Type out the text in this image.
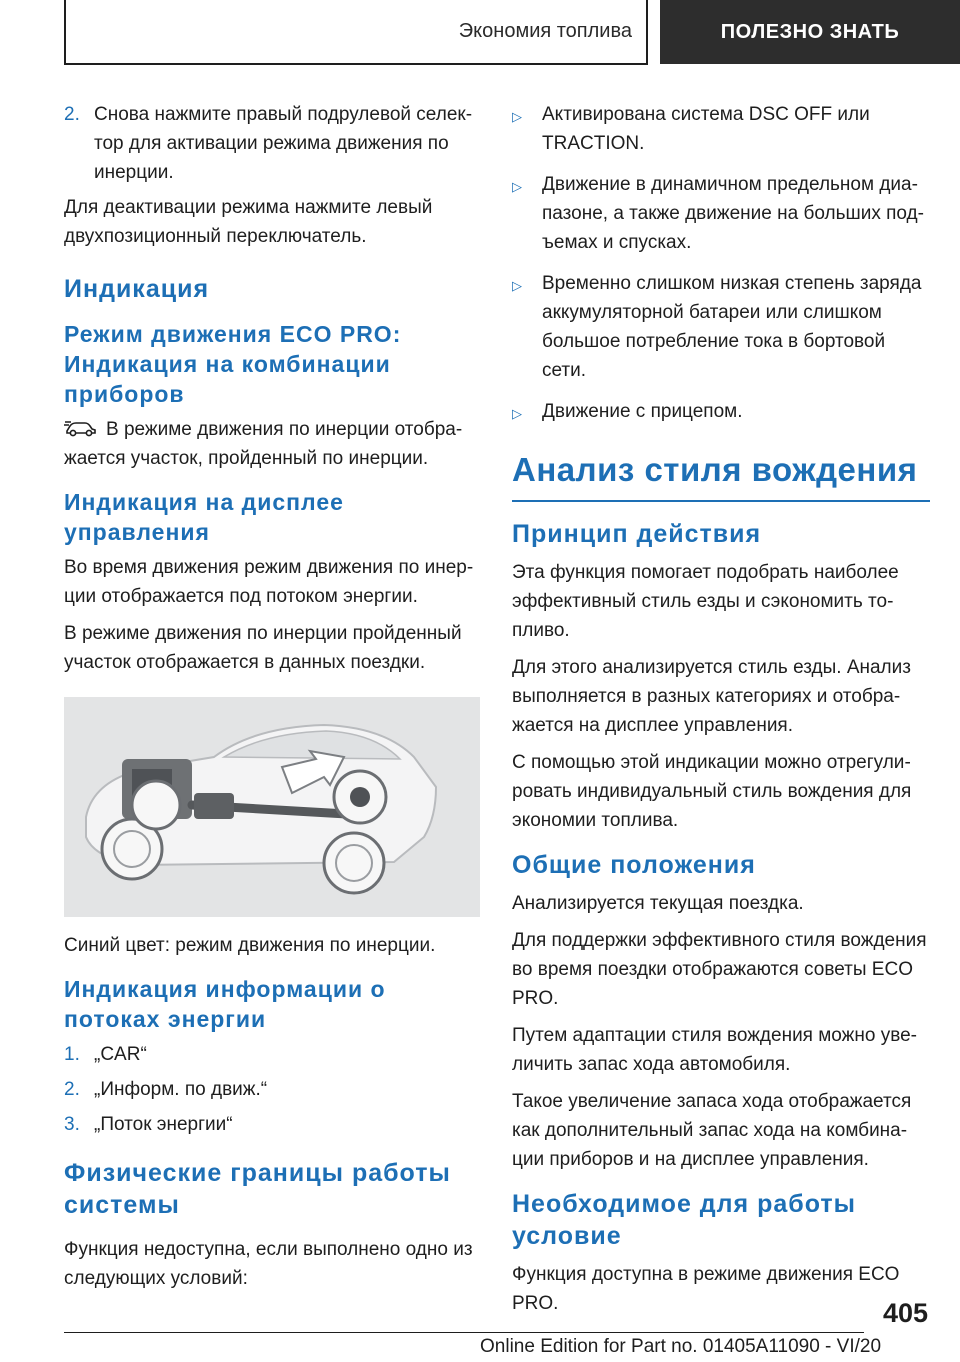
Экономия топлива	ПОЛЕЗНО ЗНАТЬ
2. Снова нажмите правый подрулевой селектор для активации режима движения по инерции.

Для деактивации режима нажмите левый двухпозиционный переключатель.

Индикация
Режим движения ECO PRO: Индикация на комбинации приборов

В режиме движения по инерции отображается участок, пройденный по инерции.

Индикация на дисплее управления

Во время движения режим движения по инерции отображается под потоком энергии.

В режиме движения по инерции пройденный участок отображается в данных поездки.

Синий цвет: режим движения по инерции.

Индикация информации о потоках энергии
1. „CAR“
2. „Информ. по движ.“
3. „Поток энергии“
Физические границы работы системы

Функция недоступна, если выполнено одно из следующих условий:

▷	Активирована система DSC OFF или TRACTION.
▷	Движение в динамичном предельном диапазоне, а также движение на больших подъемах и спусках.
▷	Временно слишком низкая степень заряда аккумуляторной батареи или слишком большое потребление тока в бортовой сети.
▷	Движение с прицепом.
Анализ стиля вождения
Принцип действия

Эта функция помогает подобрать наиболее эффективный стиль езды и сэкономить топливо.

Для этого анализируется стиль езды. Анализ выполняется в разных категориях и отображается на дисплее управления.

С помощью этой индикации можно отрегулировать индивидуальный стиль вождения для экономии топлива.

Общие положения

Анализируется текущая поездка.

Для поддержки эффективного стиля вождения во время поездки отображаются советы ECO PRO.

Путем адаптации стиля вождения можно увеличить запас хода автомобиля.

Такое увеличение запаса хода отображается как дополнительный запас хода на комбинации приборов и на дисплее управления.

Необходимое для работы условие

Функция доступна в режиме движения ECO PRO.	405
Online Edition for Part no. 01405A11090 - VI/20
